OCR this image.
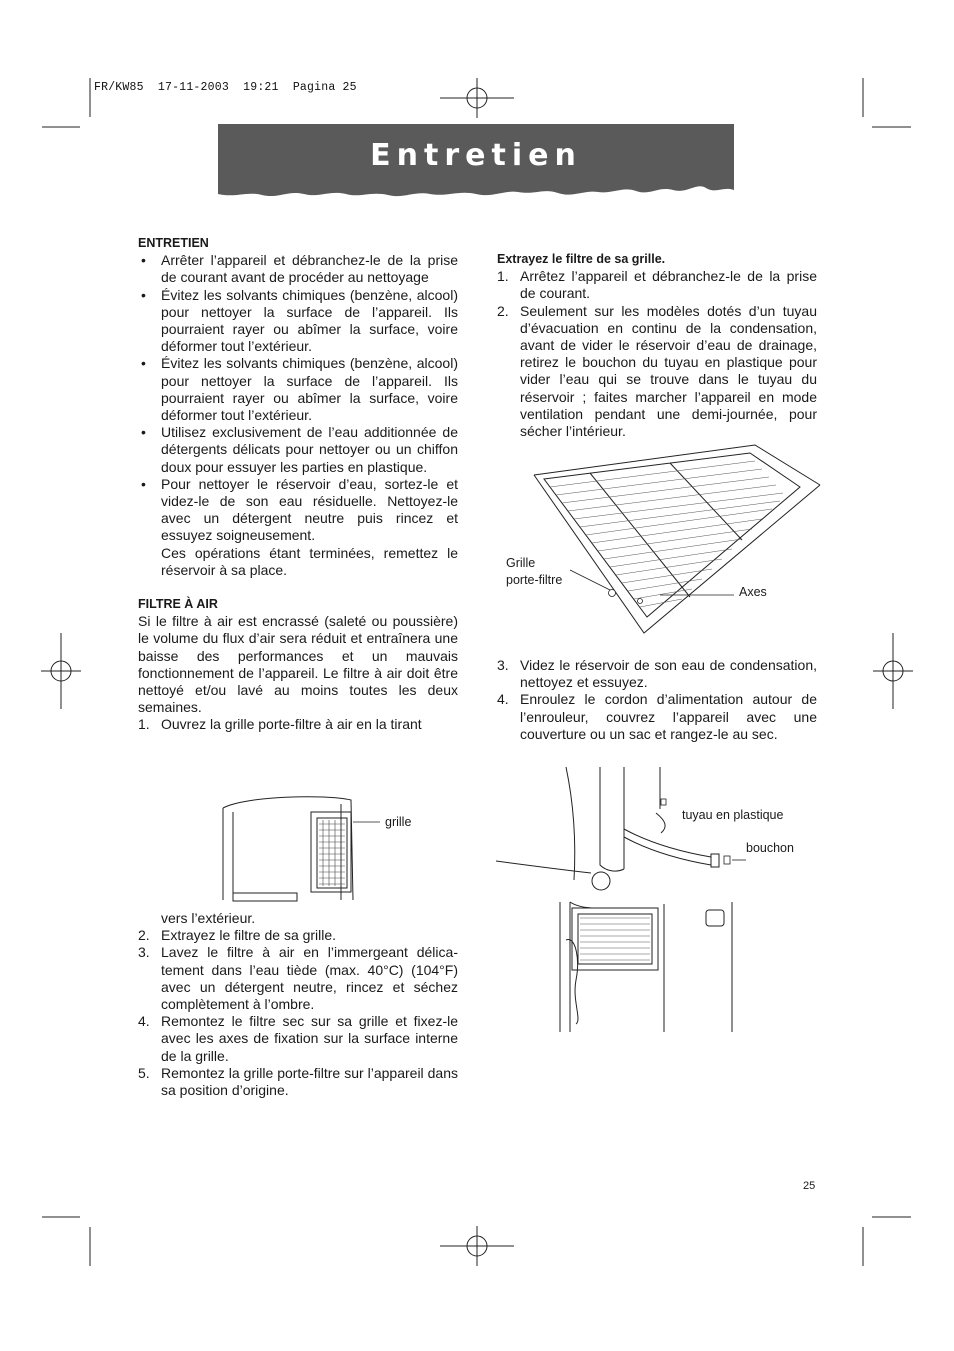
FR/KW85  17-11-2003  19:21  Pagina 25
Entretien

ENTRETIEN

• Arrêter l’appareil et débranchez-le de la prise de courant avant de procéder au nettoyage
• Évitez les solvants chimiques (benzène, alcool) pour nettoyer la surface de l’appareil. Ils pourraient rayer ou abîmer la surface, voire déformer tout l’extérieur.
• Évitez les solvants chimiques (benzène, alcool) pour nettoyer la surface de l’appareil. Ils pourraient rayer ou abîmer la surface, voire déformer tout l’extérieur.
• Utilisez exclusivement de l’eau additionnée de détergents délicats pour nettoyer ou un chiffon doux pour essuyer les parties en plastique.
• Pour nettoyer le réservoir d’eau, sortez-le et videz-le de son eau résiduelle. Nettoyez-le avec un détergent neutre puis rincez et essuyez soigneusement.

Ces opérations étant terminées, remettez le réservoir à sa place.

FILTRE À AIR

Si le filtre à air est encrassé (saleté ou poussière) le volume du flux d’air sera réduit et entraînera une baisse des performances et un mauvais fonctionnement de l’appareil. Le filtre à air doit être nettoyé et/ou lavé au moins toutes les deux semaines.

1. Ouvrez la grille porte-filtre à air en la tirant
grille

vers l’extérieur.

2. Extrayez le filtre de sa grille.
3. Lavez le filtre à air en l’immergeant délicatement dans l’eau tiède (max. 40°C) (104°F) avec un détergent neutre, rincez et séchez complètement à l’ombre.
4. Remontez le filtre sec sur sa grille et fixez-le avec les axes de fixation sur la surface interne de la grille.
5. Remontez la grille porte-filtre sur l’appareil dans sa position d’origine.

Extrayez le filtre de sa grille.

1. Arrêtez l’appareil et débranchez-le de la prise de courant.
2. Seulement sur les modèles dotés d’un tuyau d’évacuation en continu de la condensation, avant de vider le réservoir d’eau de drainage, retirez le bouchon du tuyau en plastique pour vider l’eau qui se trouve dans le tuyau du réservoir ; faites marcher l’appareil en mode ventilation pendant une demi-journée, pour sécher l’intérieur.
Grille
porte-filtre
Axes
3. Videz le réservoir de son eau de condensation, nettoyez et essuyez.
4. Enroulez le cordon d’alimentation autour de l’enrouleur, couvrez l’appareil avec une couverture ou un sac et rangez-le au sec.
tuyau en plastique
bouchon
25
